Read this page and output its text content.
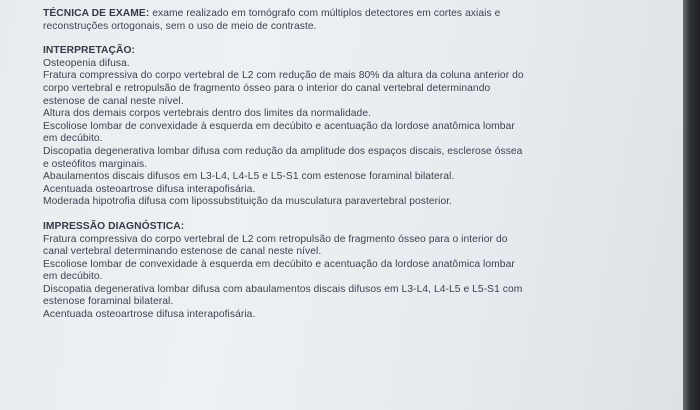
TÉCNICA DE EXAME: exame realizado em tomógrafo com múltiplos detectores em cortes axiais e
reconstruções ortogonais, sem o uso de meio de contraste.
INTERPRETAÇÃO:
Osteopenia difusa.
Fratura compressiva do corpo vertebral de L2 com redução de mais 80% da altura da coluna anterior do
corpo vertebral e retropulsão de fragmento ósseo para o interior do canal vertebral determinando
estenose de canal neste nível.
Altura dos demais corpos vertebrais dentro dos limites da normalidade.
Escoliose lombar de convexidade à esquerda em decúbito e acentuação da lordose anatômica lombar
em decúbito.
Discopatia degenerativa lombar difusa com redução da amplitude dos espaços discais, esclerose óssea
e osteófitos marginais.
Abaulamentos discais difusos em L3-L4, L4-L5 e L5-S1 com estenose foraminal bilateral.
Acentuada osteoartrose difusa interapofisária.
Moderada hipotrofia difusa com lipossubstituição da musculatura paravertebral posterior.
IMPRESSÃO DIAGNÓSTICA:
Fratura compressiva do corpo vertebral de L2 com retropulsão de fragmento ósseo para o interior do
canal vertebral determinando estenose de canal neste nível.
Escoliose lombar de convexidade à esquerda em decúbito e acentuação da lordose anatômica lombar
em decúbito.
Discopatia degenerativa lombar difusa com abaulamentos discais difusos em L3-L4, L4-L5 e L5-S1 com
estenose foraminal bilateral.
Acentuada osteoartrose difusa interapofisária.
